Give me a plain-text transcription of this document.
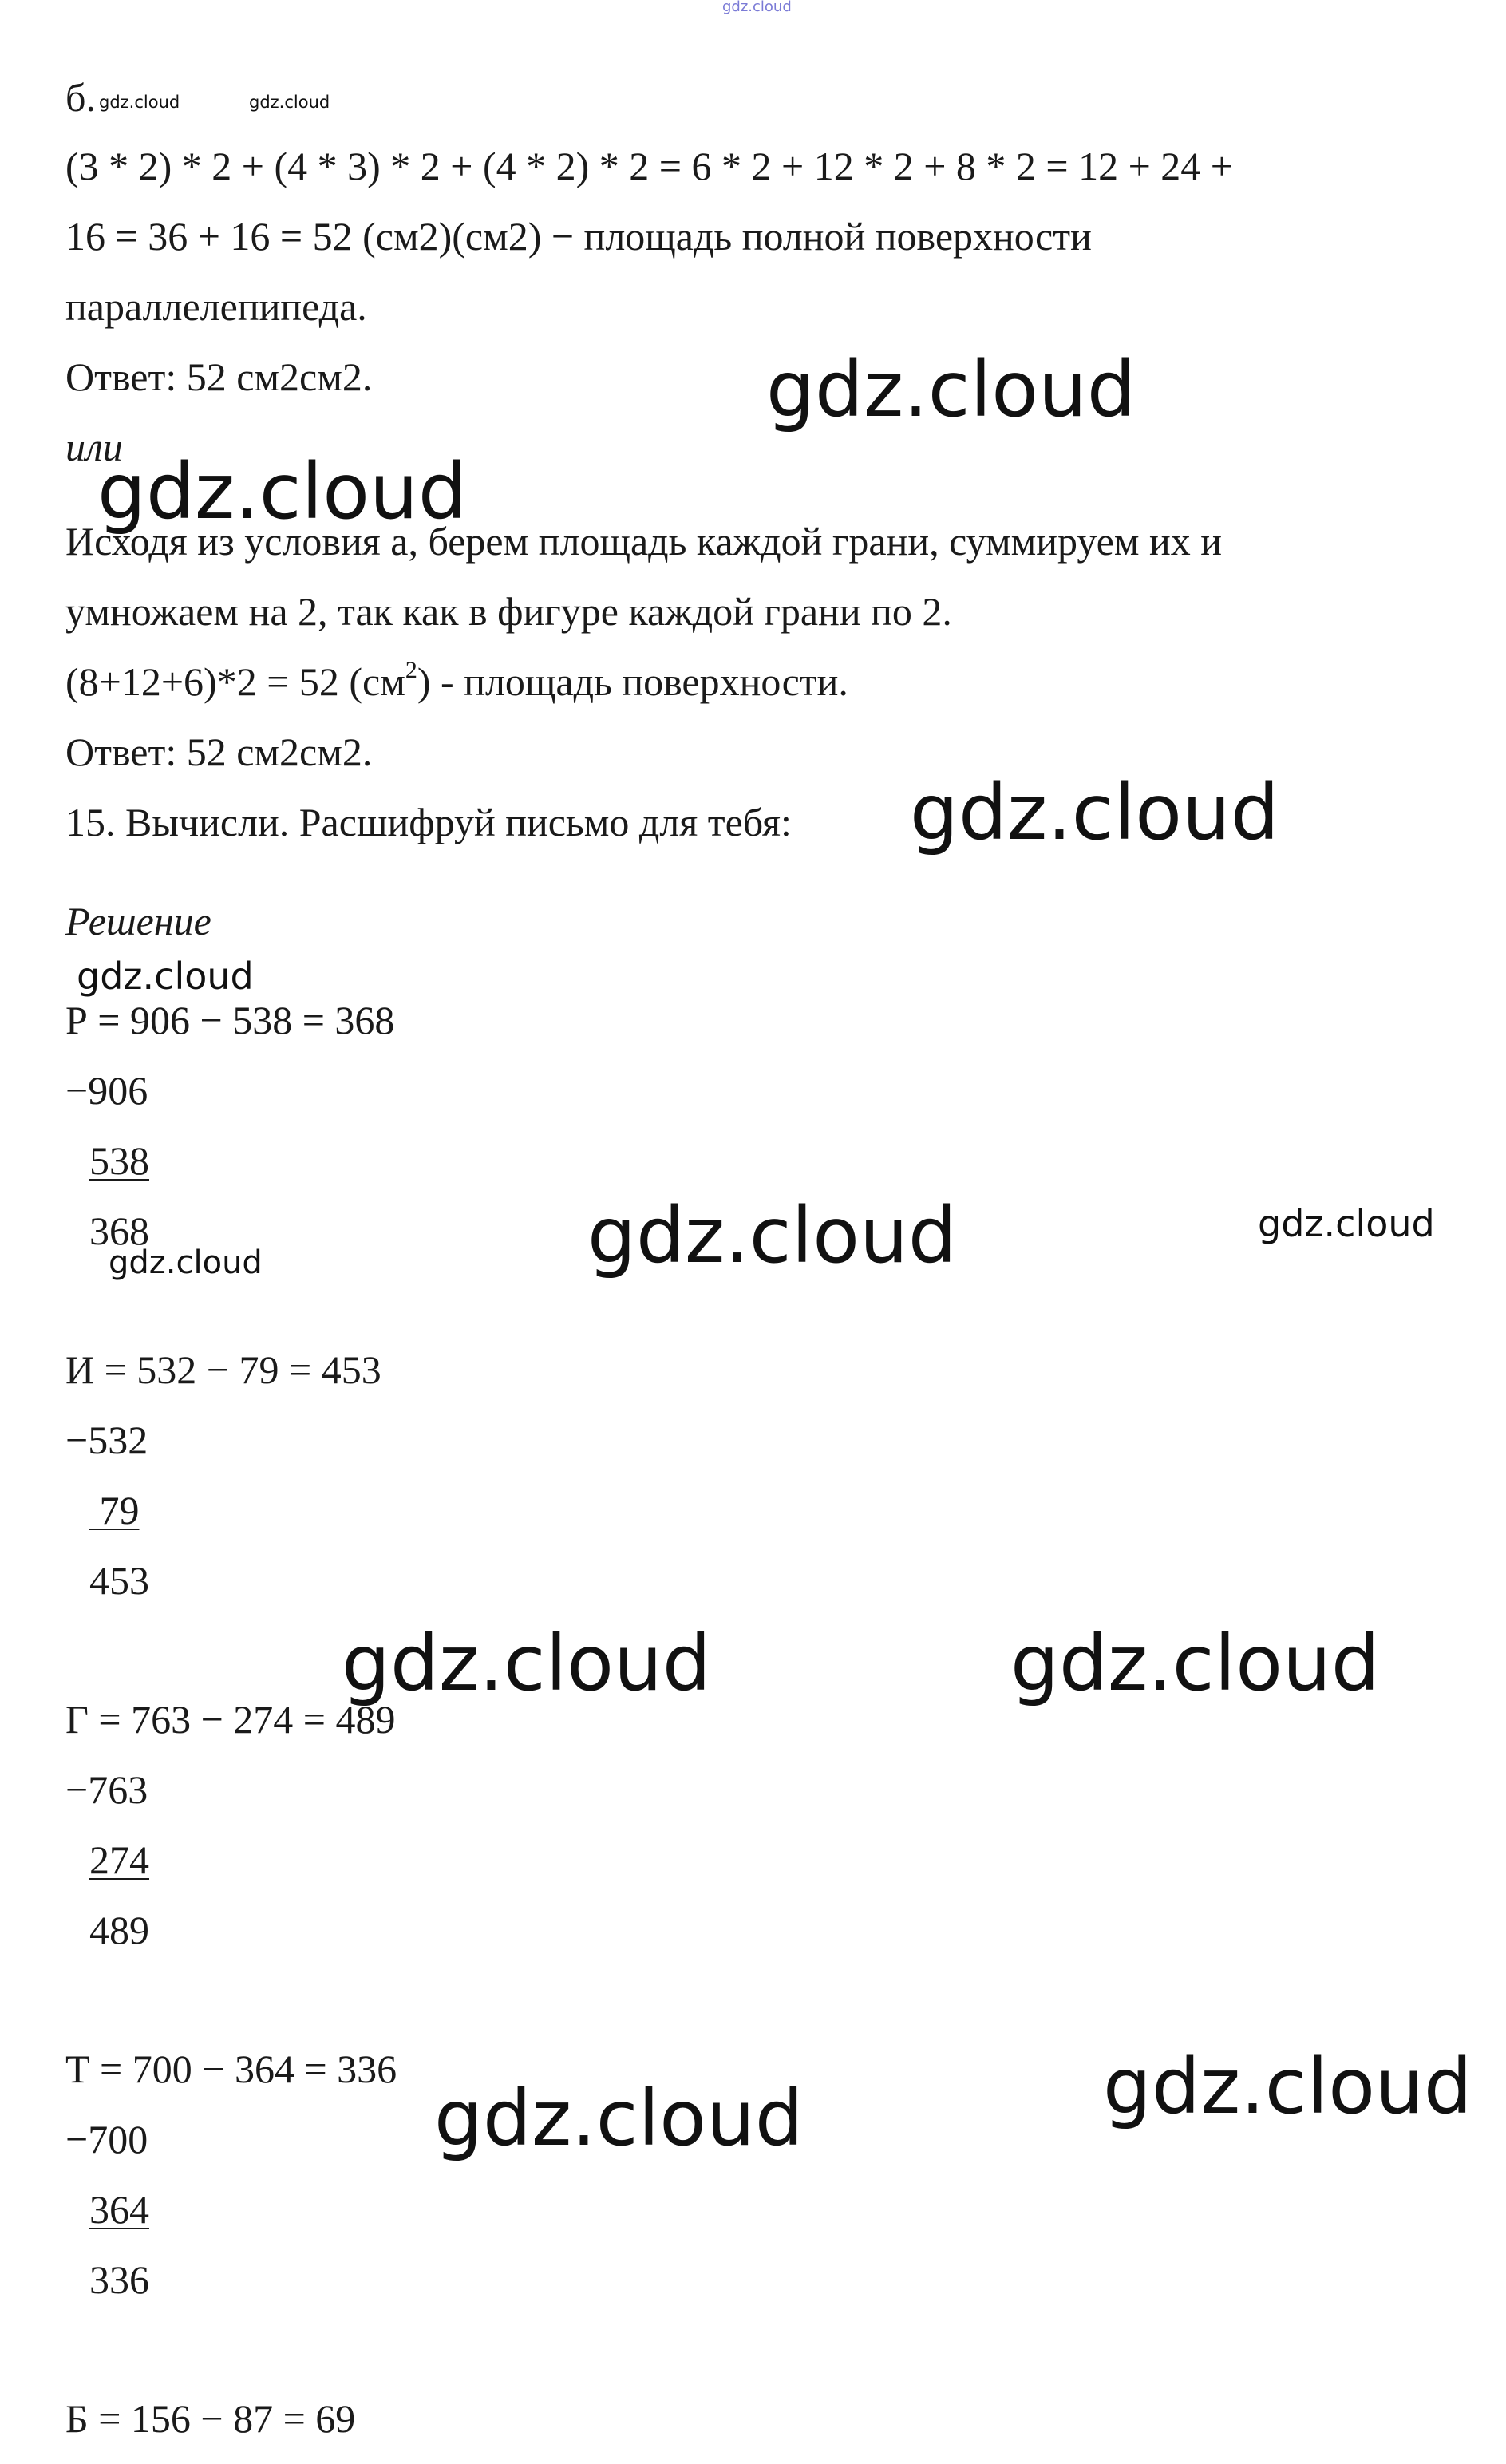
gdz.cloud
б. gdz.cloud	gdz.cloud
(3 * 2) * 2 + (4 * 3) * 2 + (4 * 2) * 2 = 6 * 2 + 12 * 2 + 8 * 2 = 12 + 24 +
16 = 36 + 16 = 52 (см2)(см2) − площадь полной поверхности
параллелепипеда.
Ответ: 52 см2см2.	gdz.cloud
или
gdz.cloud
Исходя из условия а, берем площадь каждой грани, суммируем их и
умножаем на 2, так как в фигуре каждой грани по 2.
(8+12+6)*2 = 52 $(см^2)$ - площадь поверхности.
Ответ: 52 см2см2.
15. Вычисли. Расшифруй письмо для тебя: gdz.cloud
Решение
gdz.cloud
Р = 906 − 538 = 368
−906
538
368
gdz.cloud	gdz.cloud	gdz.cloud
И = 532 − 79 = 453
−532
79
453
gdz.cloud	gdz.cloud
Г = 763 − 274 = 489
−763
274
489
Т = 700 − 364 = 336	gdz.cloud
−700	gdz.cloud
364
336
Б = 156 − 87 = 69
